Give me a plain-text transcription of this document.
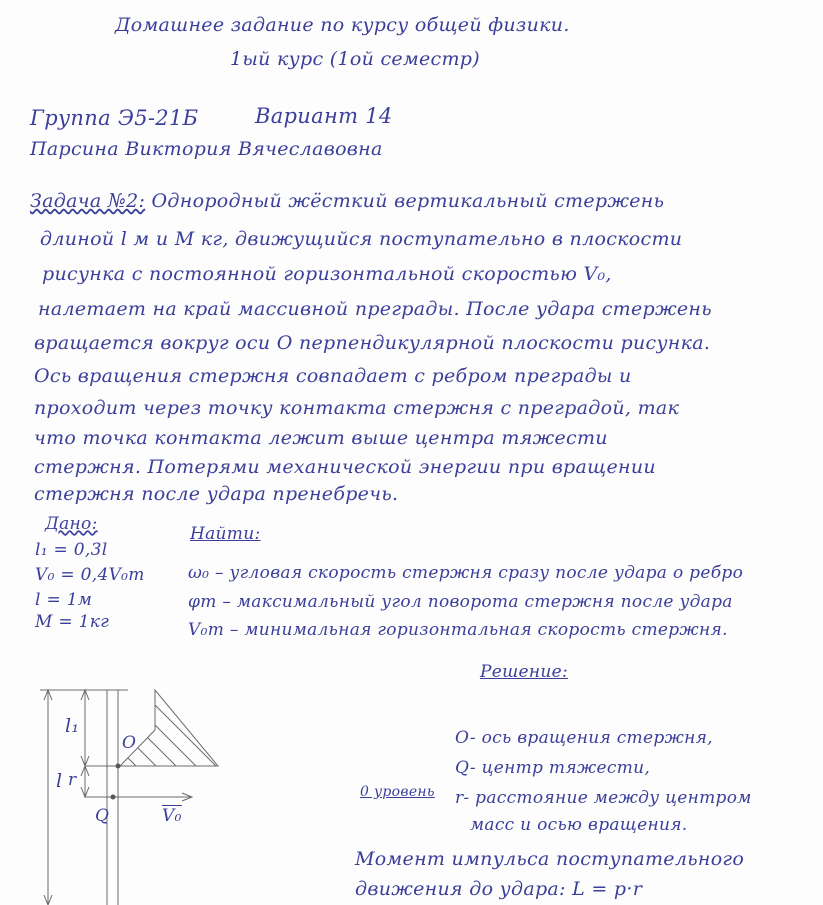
Домашнее задание по курсу общей физики.
1ый курс (1ой семестр)
Группа Э5-21Б	Вариант 14
Парсина Виктория Вячеславовна
Задача №2: Однородный жёсткий вертикальный стержень
длиной l м и M кг, движущийся поступательно в плоскости
рисунка с постоянной горизонтальной скоростью V₀,
налетает на край массивной преграды. После удара стержень
вращается вокруг оси O перпендикулярной плоскости рисунка.
Ось вращения стержня совпадает с ребром преграды и
проходит через точку контакта стержня с преградой, так
что точка контакта лежит выше центра тяжести
стержня. Потерями механической энергии при вращении
стержня после удара пренебречь.
Дано:
l₁ = 0,3l
V₀ = 0,4V₀m
l = 1м
M = 1кг
Найти:
ω₀ – угловая скорость стержня сразу после удара о ребро
φm – максимальный угол поворота стержня после удара
V₀m – минимальная горизонтальная скорость стержня.
Решение:
O- ось вращения стержня,
Q- центр тяжести,
r- расстояние между центром
масс и осью вращения.
0 уровень
Момент импульса поступательного
движения до удара: L = p·r
l
l₁
r
O
Q	V₀
